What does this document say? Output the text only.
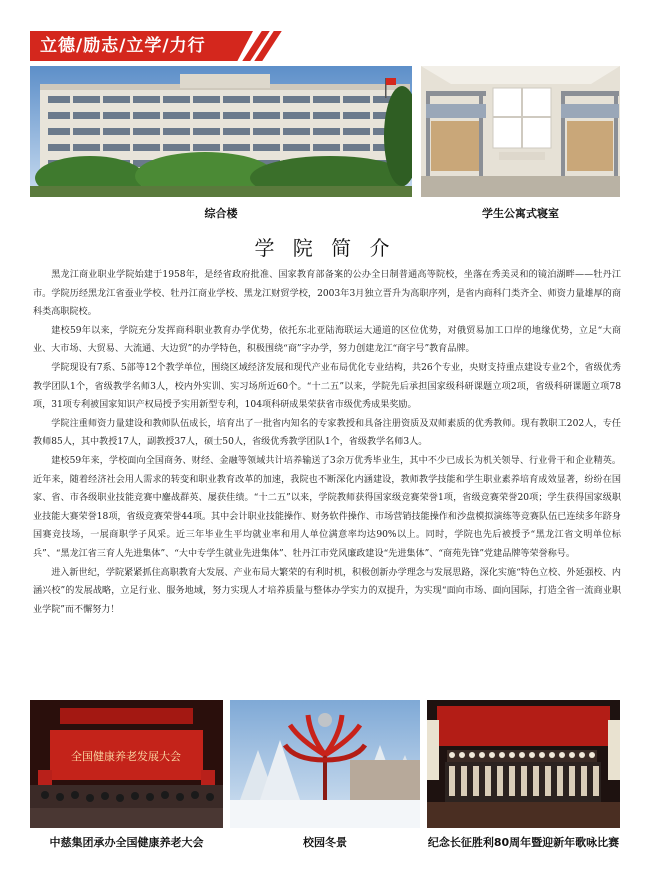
立德/励志/立学/力行
综合楼	学生公寓式寝室
学 院 简 介

黑龙江商业职业学院始建于1958年，是经省政府批准、国家教育部备案的公办全日制普通高等院校，坐落在秀美灵和的镜泊湖畔——牡丹江市。学院历经黑龙江省蚕业学校、牡丹江商业学校、黑龙江财贸学校，2003年3月独立晋升为高职序列，是省内商科门类齐全、师资力量雄厚的商科类高职院校。

建校59年以来，学院充分发挥商科职业教育办学优势，依托东北亚陆海联运大通道的区位优势，对俄贸易加工口岸的地缘优势，立足“大商业、大市场、大贸易、大流通、大边贸”的办学特色，积极围绕“商”字办学，努力创建龙江“商字号”教育品牌。

学院现设有7系、5部等12个教学单位，围绕区域经济发展和现代产业布局优化专业结构，共26个专业，央财支持重点建设专业2个，省级优秀教学团队1个，省级教学名师3人，校内外实训、实习场所近60个。“十二五”以来，学院先后承担国家级科研课题立项2项，省级科研课题立项78项，31项专利被国家知识产权局授予实用新型专利，104项科研成果荣获省市级优秀成果奖励。

学院注重师资力量建设和教师队伍成长，培育出了一批省内知名的专家教授和具备注册资质及双师素质的优秀教师。现有教职工202人，专任教师85人，其中教授17人，副教授37人，硕士50人，省级优秀教学团队1个，省级教学名师3人。

建校59年来，学校面向全国商务、财经、金融等领域共计培养输送了3余万优秀毕业生，其中不少已成长为机关领导、行业骨干和企业精英。近年来，随着经济社会用人需求的转变和职业教育改革的加速，我院也不断深化内涵建设，教师教学技能和学生职业素养培育成效显著，纷纷在国家、省、市各级职业技能竞赛中鏖战群英、屡获佳绩。“十二五”以来，学院教师获得国家级竞赛荣誉1项，省级竞赛荣誉20项；学生获得国家级职业技能大赛荣誉18项，省级竞赛荣誉44项。其中会计职业技能操作、财务软件操作、市场营销技能操作和沙盘模拟演练等竞赛队伍已连续多年跻身国赛竞技场，一展商职学子风采。近三年毕业生平均就业率和用人单位满意率均达90%以上。同时，学院也先后被授予“黑龙江省文明单位标兵”、“黑龙江省三育人先进集体”、“大中专学生就业先进集体”、牡丹江市党风廉政建设“先进集体”、“商苑先锋”党建品牌等荣誉称号。

进入新世纪，学院紧紧抓住高职教育大发展、产业布局大繁荣的有利时机，积极创新办学理念与发展思路，深化实施“特色立校、外延强校、内涵兴校”的发展战略，立足行业、服务地域，努力实现人才培养质量与整体办学实力的双提升，为实现“面向市场、面向国际，打造全省一流商业职业学院”而不懈努力！

全国健康养老发展大会
中慈集团承办全国健康养老大会	校园冬景	纪念长征胜利80周年暨迎新年歌咏比赛
